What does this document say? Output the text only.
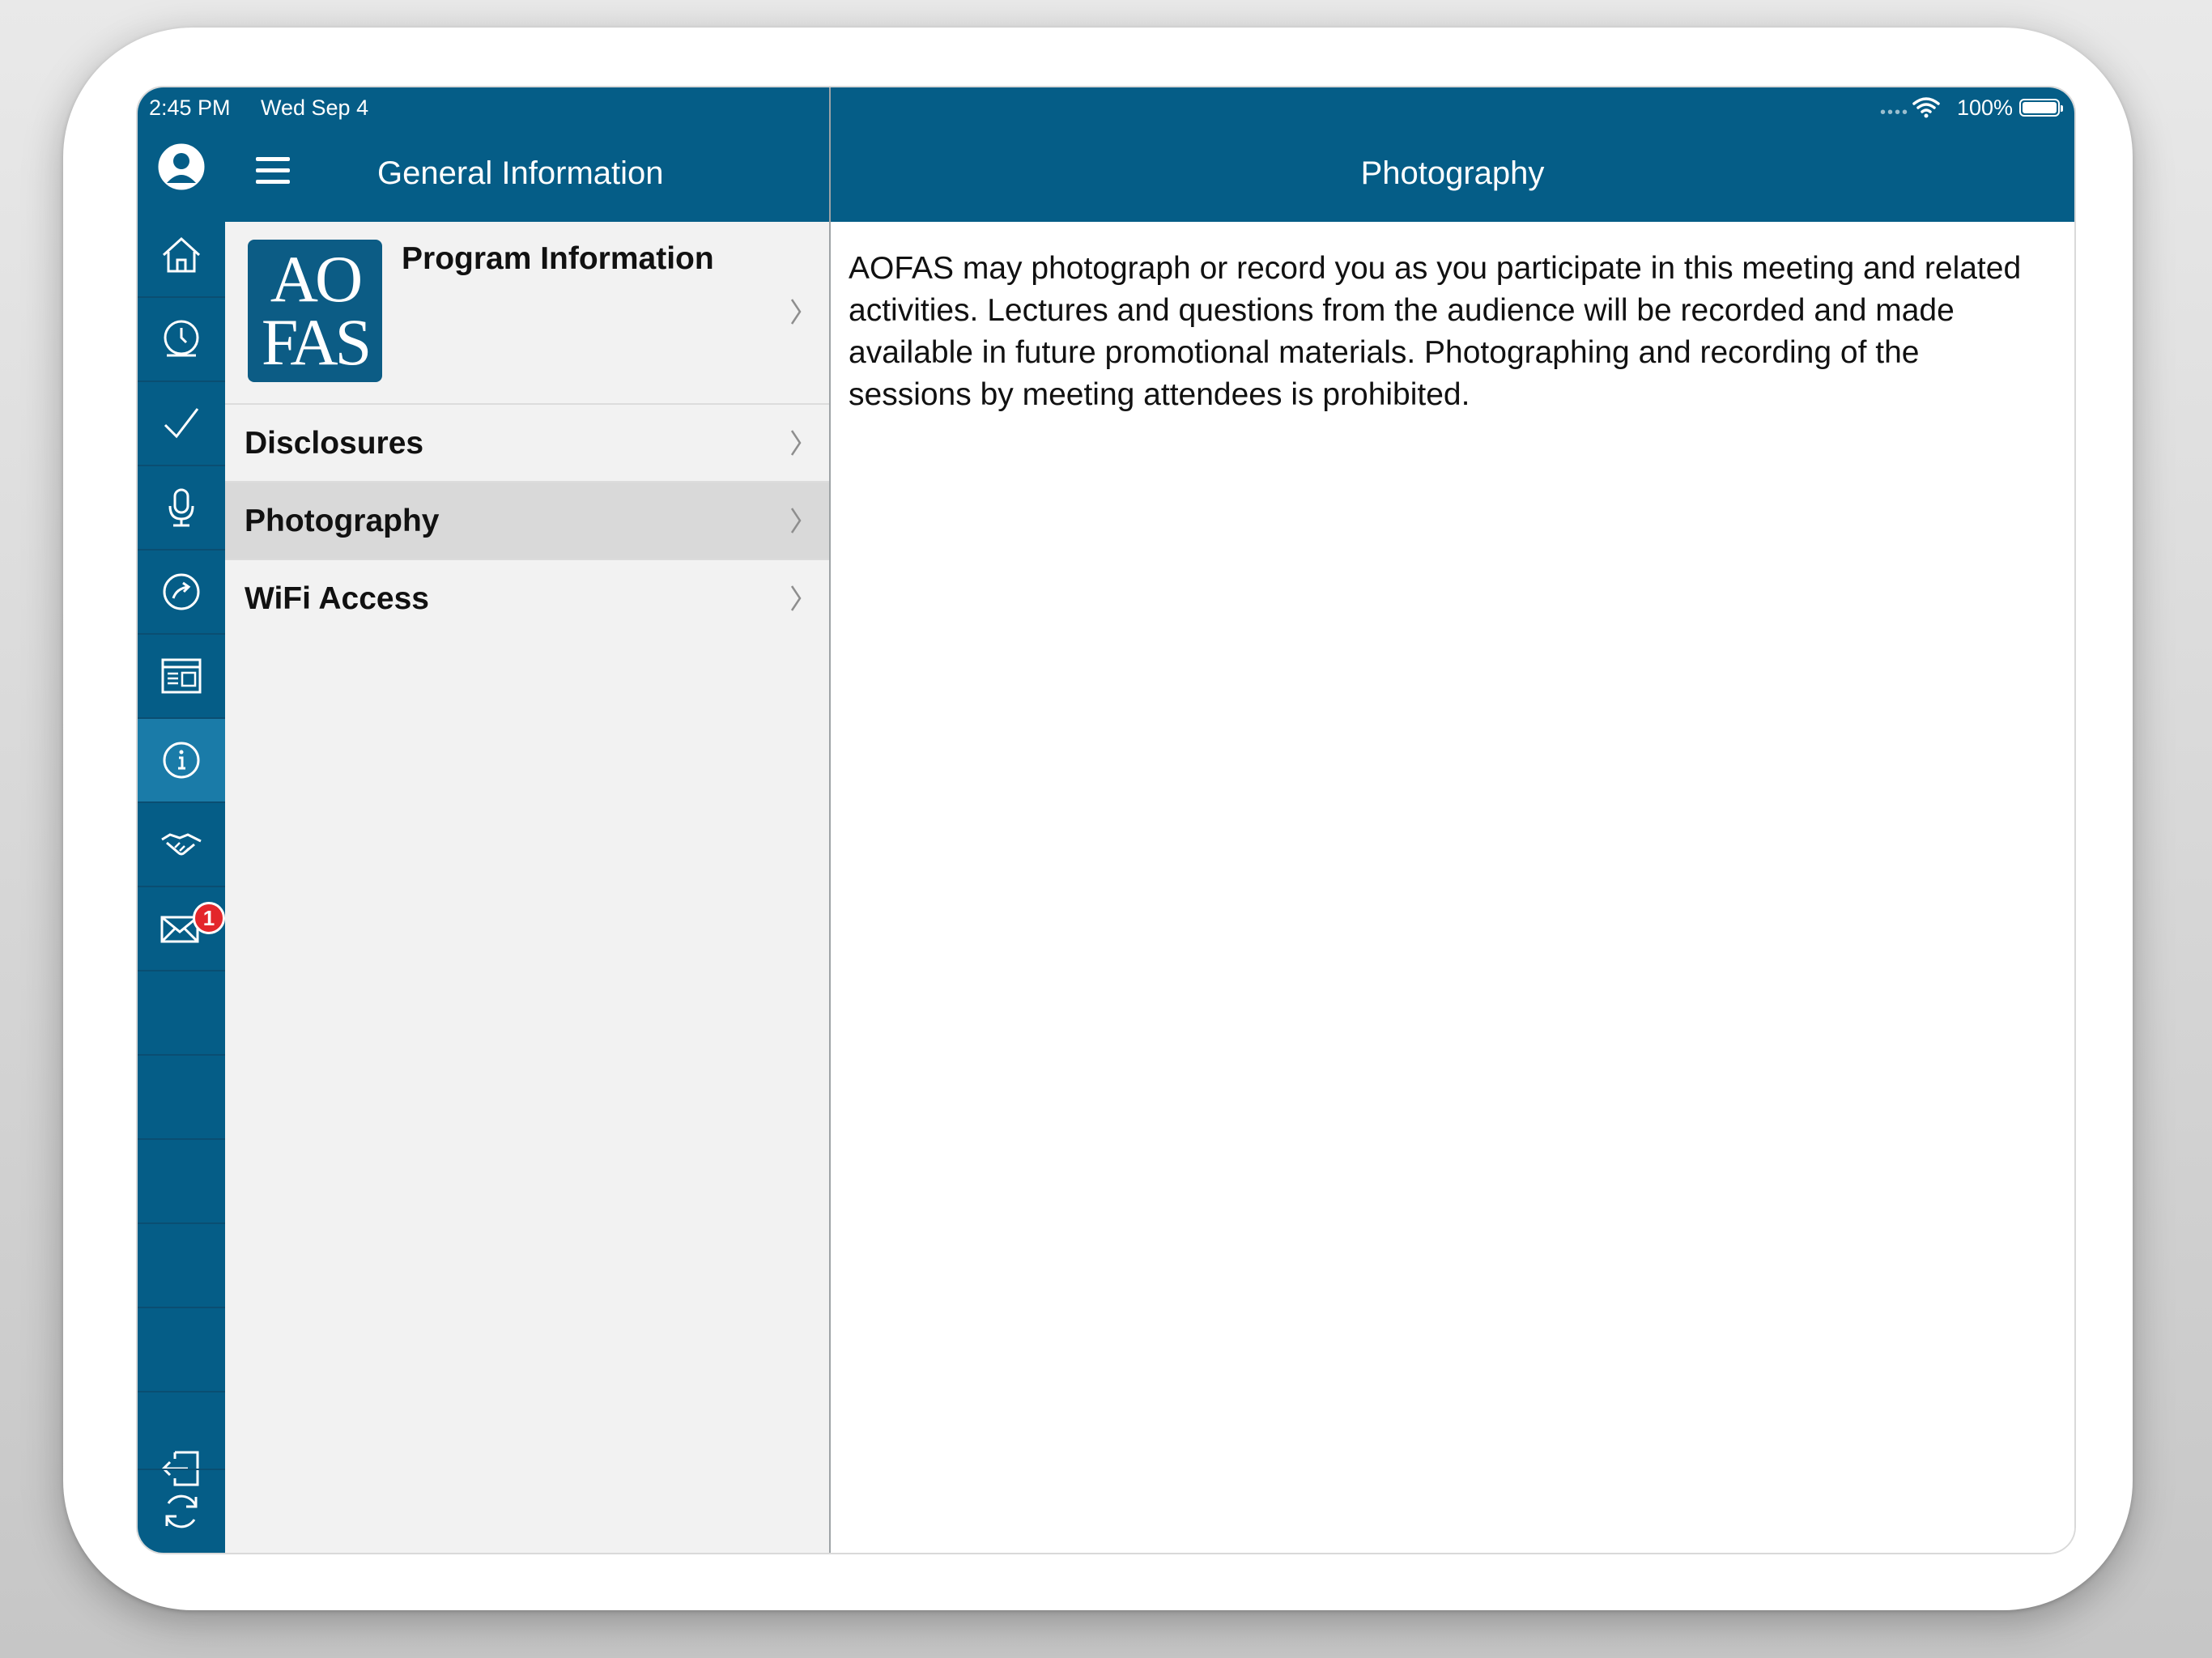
2:45 PM Wed Sep 4	•••• 100%
1
General Information
AO
FAS
Program Information
Disclosures
Photography
WiFi Access
Photography
AOFAS may photograph or record you as you participate in this meeting and related activities. Lectures and questions from the audience will be recorded and made available in future promotional materials. Photographing and recording of the sessions by meeting attendees is prohibited.
